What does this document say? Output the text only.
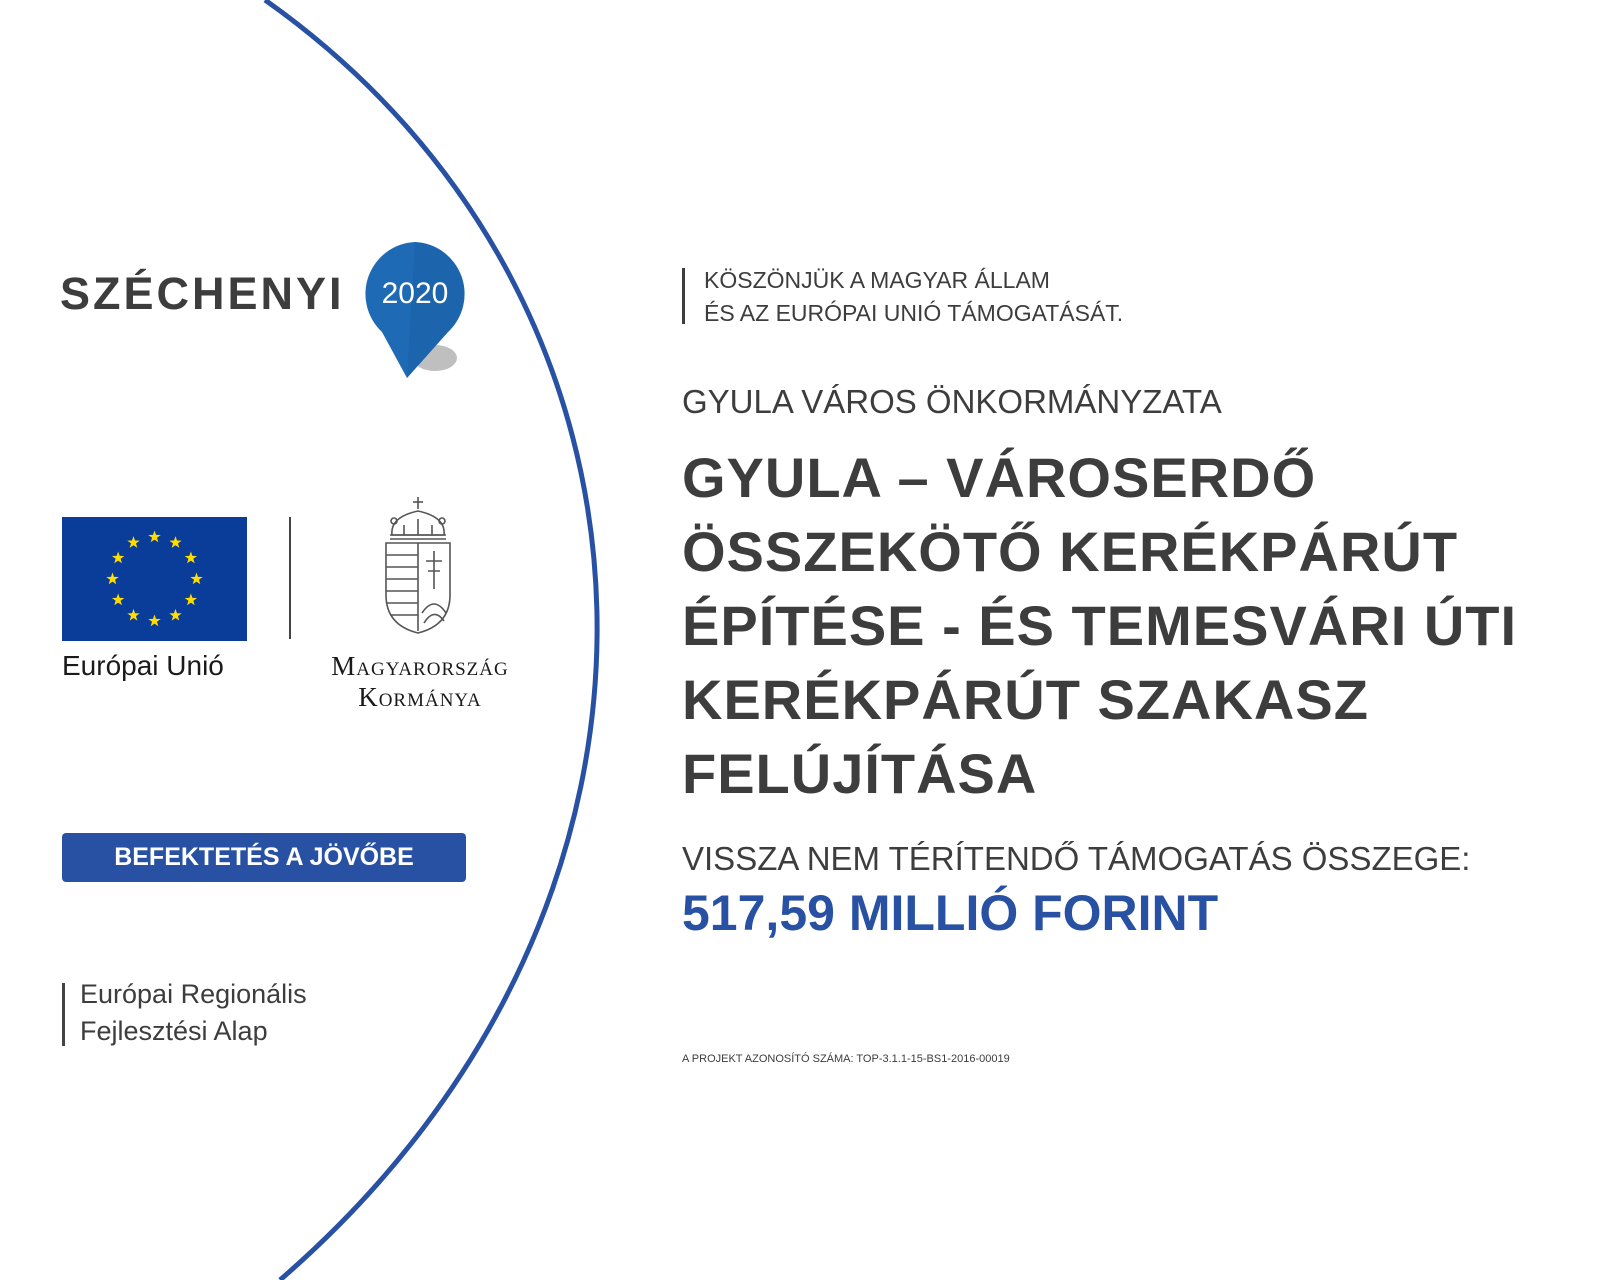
SZÉCHENYI 2020
Európai Unió	Magyarország
Kormánya
BEFEKTETÉS A JÖVŐBE
Európai Regionális
Fejlesztési Alap
KÖSZÖNJÜK A MAGYAR ÁLLAM
ÉS AZ EURÓPAI UNIÓ TÁMOGATÁSÁT.
GYULA VÁROS ÖNKORMÁNYZATA
GYULA – VÁROSERDŐ
ÖSSZEKÖTŐ KERÉKPÁRÚT
ÉPÍTÉSE - ÉS TEMESVÁRI ÚTI
KERÉKPÁRÚT SZAKASZ
FELÚJÍTÁSA
VISSZA NEM TÉRÍTENDŐ TÁMOGATÁS ÖSSZEGE:
517,59 MILLIÓ FORINT
A PROJEKT AZONOSÍTÓ SZÁMA: TOP-3.1.1-15-BS1-2016-00019
